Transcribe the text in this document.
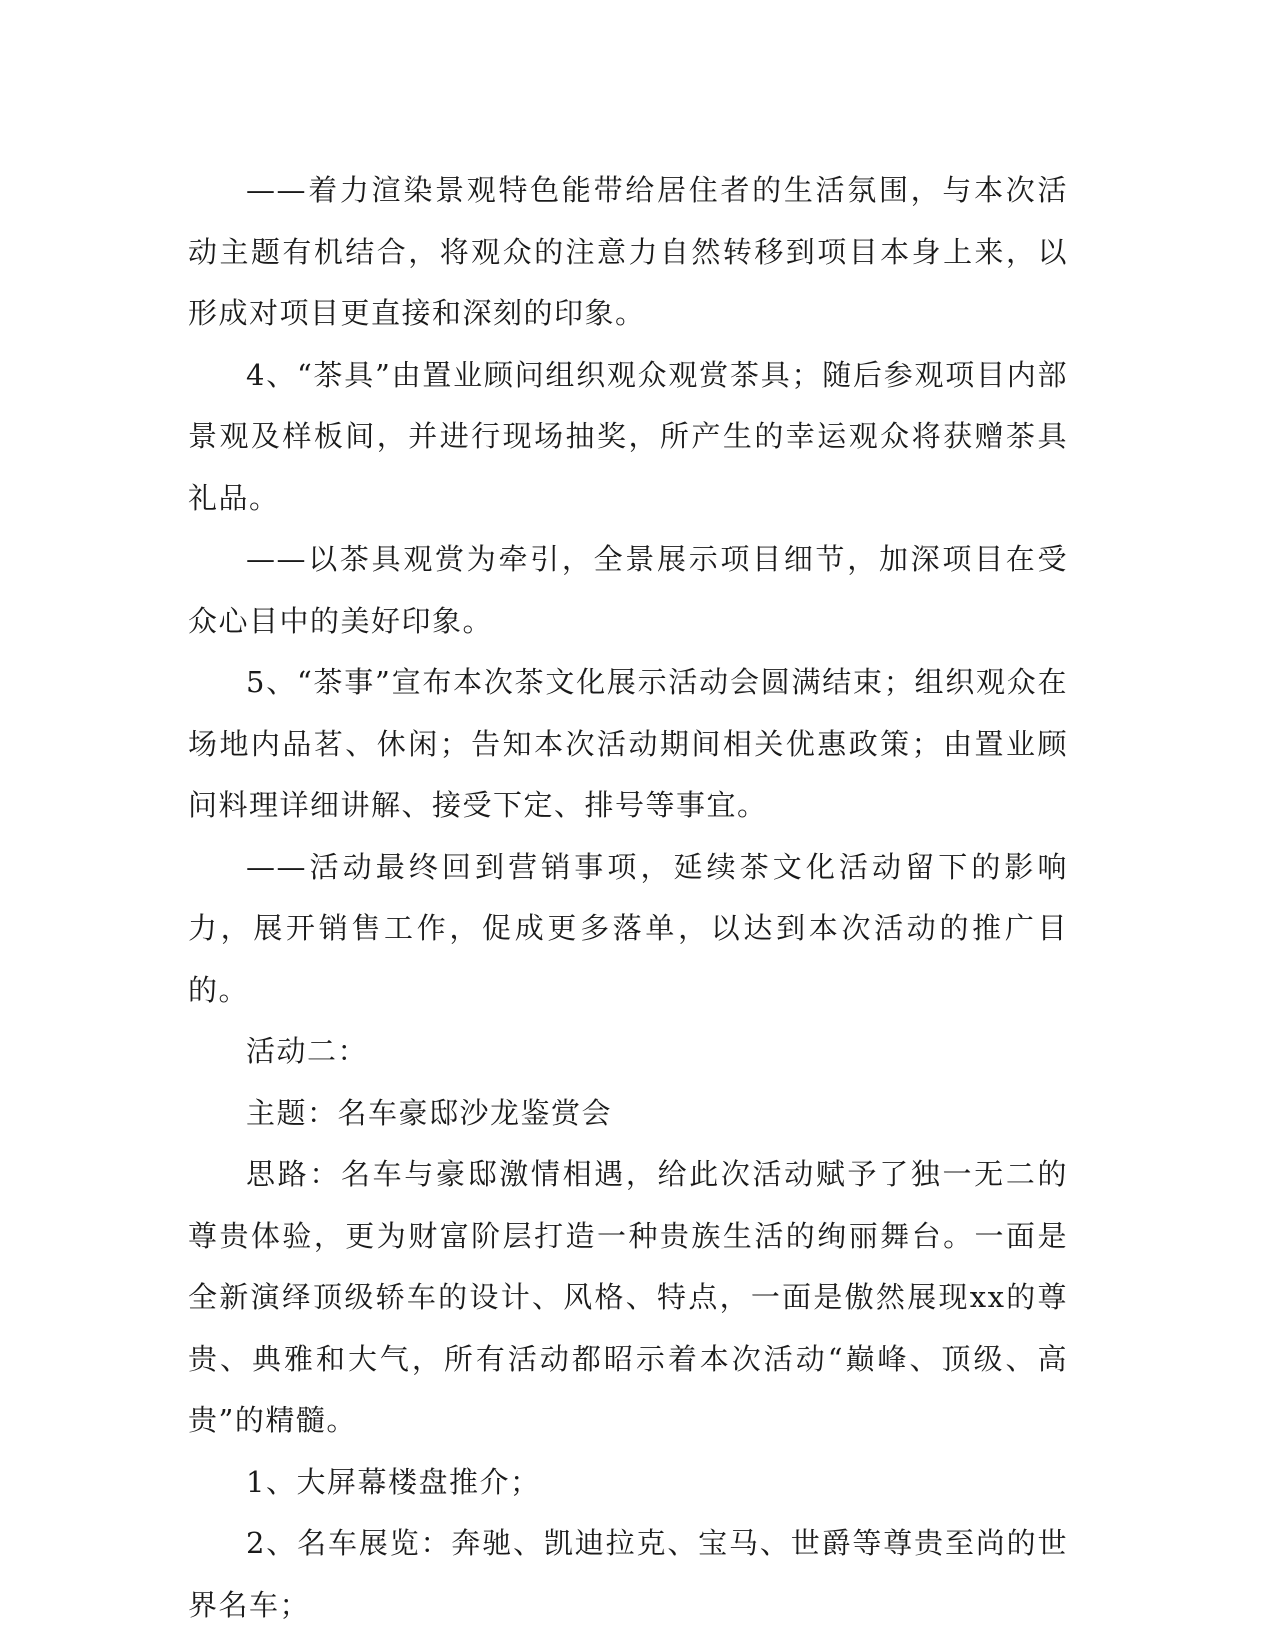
——着力渲染景观特色能带给居住者的生活氛围，与本次活动主题有机结合，将观众的注意力自然转移到项目本身上来，以形成对项目更直接和深刻的印象。

4、“茶具”由置业顾问组织观众观赏茶具；随后参观项目内部景观及样板间，并进行现场抽奖，所产生的幸运观众将获赠茶具礼品。

——以茶具观赏为牵引，全景展示项目细节，加深项目在受众心目中的美好印象。

5、“茶事”宣布本次茶文化展示活动会圆满结束；组织观众在场地内品茗、休闲；告知本次活动期间相关优惠政策；由置业顾问料理详细讲解、接受下定、排号等事宜。

——活动最终回到营销事项，延续茶文化活动留下的影响力，展开销售工作，促成更多落单，以达到本次活动的推广目的。

活动二：

主题：名车豪邸沙龙鉴赏会

思路：名车与豪邸激情相遇，给此次活动赋予了独一无二的尊贵体验，更为财富阶层打造一种贵族生活的绚丽舞台。一面是全新演绎顶级轿车的设计、风格、特点，一面是傲然展现xx的尊贵、典雅和大气，所有活动都昭示着本次活动“巅峰、顶级、高贵”的精髓。

1、大屏幕楼盘推介；

2、名车展览：奔驰、凯迪拉克、宝马、世爵等尊贵至尚的世界名车；
